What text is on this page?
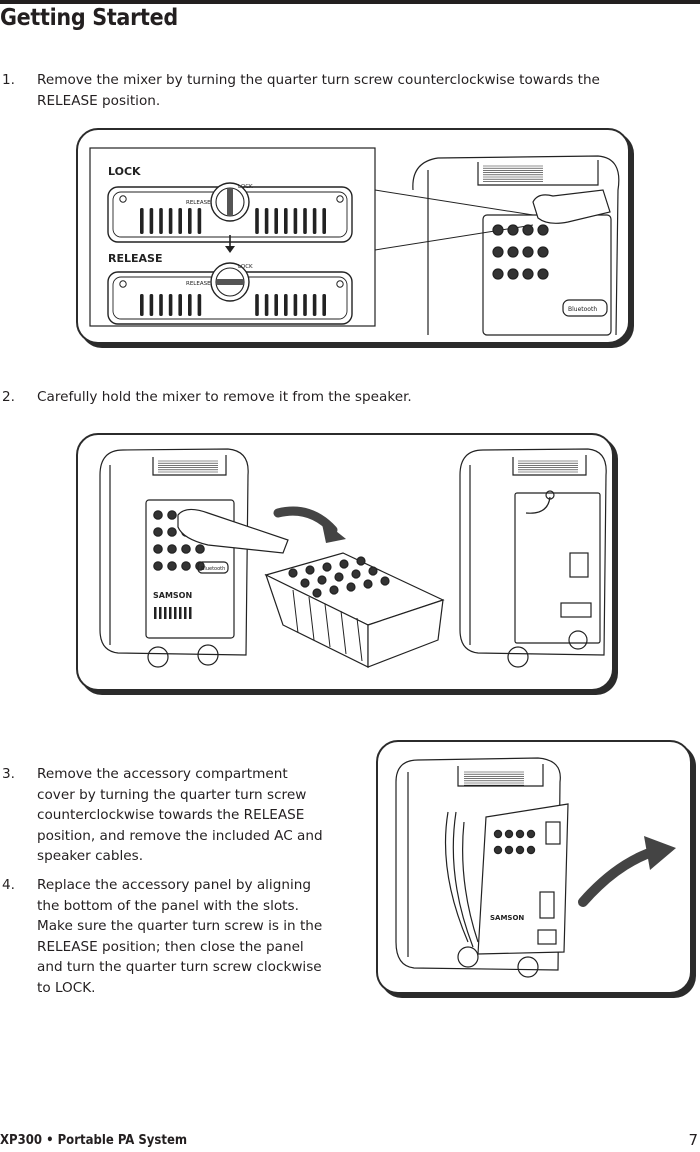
Getting Started
1. Remove the mixer by turning the quarter turn screw counterclockwise towards the
RELEASE position.
LOCK
RELEASE
RELEASE
LOCK
RELEASE
LOCK
Bluetooth
2. Carefully hold the mixer to remove it from the speaker.
Bluetooth
SAMSON
3. Remove the accessory compartment
cover by turning the quarter turn screw
counterclockwise towards the RELEASE
position, and remove the included AC and
speaker cables.
4. Replace the accessory panel by aligning
the bottom of the panel with the slots.
Make sure the quarter turn screw is in the
RELEASE position; then close the panel
and turn the quarter turn screw clockwise
to LOCK.
SAMSON
XP300 • Portable PA System	7
